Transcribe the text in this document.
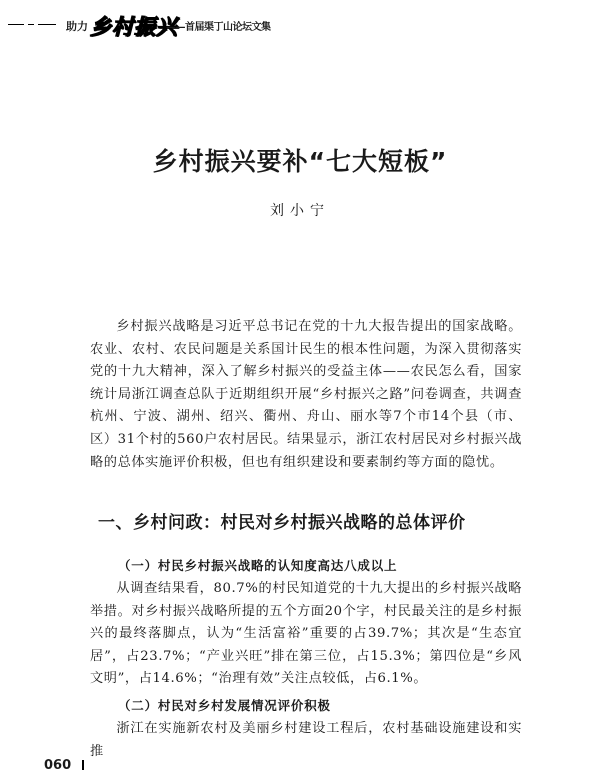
助力 乡村振兴
——首届渠丁山论坛文集
乡村振兴要补“七大短板”
刘小宁

乡村振兴战略是习近平总书记在党的十九大报告提出的国家战略。农业、农村、农民问题是关系国计民生的根本性问题，为深入贯彻落实党的十九大精神，深入了解乡村振兴的受益主体——农民怎么看，国家统计局浙江调查总队于近期组织开展“乡村振兴之路”问卷调查，共调查杭州、宁波、湖州、绍兴、衢州、舟山、丽水等7个市14个县（市、区）31个村的560户农村居民。结果显示，浙江农村居民对乡村振兴战略的总体实施评价积极，但也有组织建设和要素制约等方面的隐忧。

一、乡村问政：村民对乡村振兴战略的总体评价
（一）村民乡村振兴战略的认知度高达八成以上

从调查结果看，80.7%的村民知道党的十九大提出的乡村振兴战略举措。对乡村振兴战略所提的五个方面20个字，村民最关注的是乡村振兴的最终落脚点，认为“生活富裕”重要的占39.7%；其次是“生态宜居”，占23.7%；“产业兴旺”排在第三位，占15.3%；第四位是“乡风文明”，占14.6%；“治理有效”关注点较低，占6.1%。

（二）村民对乡村发展情况评价积极

浙江在实施新农村及美丽乡村建设工程后，农村基础设施建设和实推

060
